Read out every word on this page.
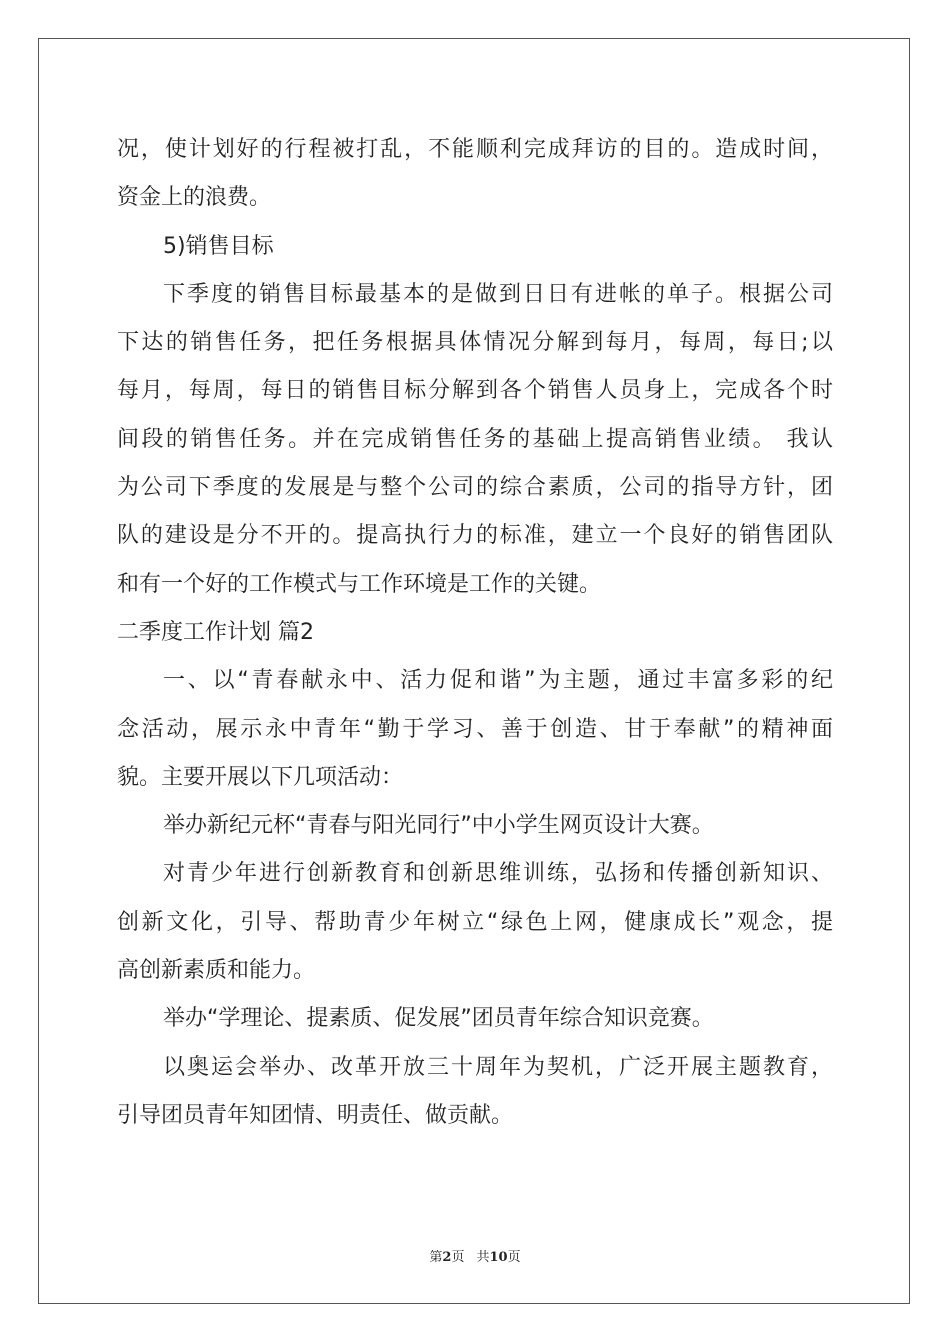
况，使计划好的行程被打乱，不能顺利完成拜访的目的。造成时间，
资金上的浪费。
5)销售目标
下季度的销售目标最基本的是做到日日有进帐的单子。根据公司
下达的销售任务，把任务根据具体情况分解到每月，每周，每日;以
每月，每周，每日的销售目标分解到各个销售人员身上，完成各个时
间段的销售任务。并在完成销售任务的基础上提高销售业绩。 我认
为公司下季度的发展是与整个公司的综合素质，公司的指导方针，团
队的建设是分不开的。提高执行力的标准，建立一个良好的销售团队
和有一个好的工作模式与工作环境是工作的关键。
二季度工作计划 篇2
一、以“青春献永中、活力促和谐”为主题，通过丰富多彩的纪
念活动，展示永中青年“勤于学习、善于创造、甘于奉献”的精神面
貌。主要开展以下几项活动：
举办新纪元杯“青春与阳光同行”中小学生网页设计大赛。
对青少年进行创新教育和创新思维训练，弘扬和传播创新知识、
创新文化，引导、帮助青少年树立“绿色上网，健康成长”观念，提
高创新素质和能力。
举办“学理论、提素质、促发展”团员青年综合知识竞赛。
以奥运会举办、改革开放三十周年为契机，广泛开展主题教育，
引导团员青年知团情、明责任、做贡献。
第2页 共10页
